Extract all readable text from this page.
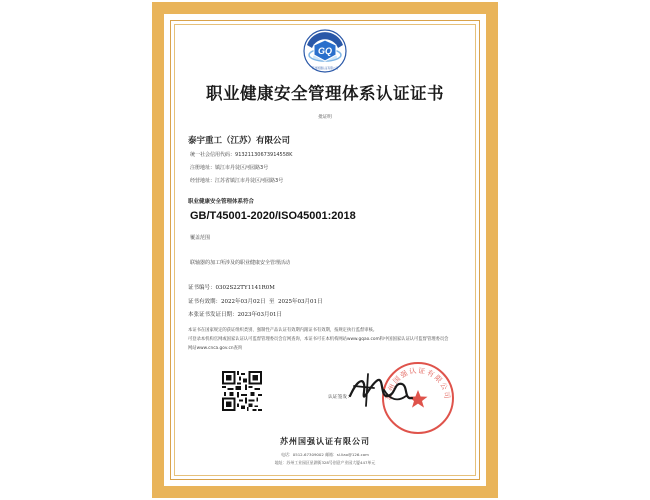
GQ
苏州国强认证有限公司
职业健康安全管理体系认证证书
批证明
泰宇重工（江苏）有限公司
统一社会信用代码：91321130673914558K
注册地址：镇江市丹徒区河园路3号
经营地址：江苏省镇江市丹徒区河园路3号
职业健康安全管理体系符合
GB/T45001-2020/ISO45001:2018
覆盖范围
联轴器的加工所涉及的职业健康安全管理活动
证书编号：0302S22TY1141R0M
证书有效期：2022年03月02日 至 2025年03月01日
本张证书发证日期：2023年03月01日
本证书在国家规定的获证组织类别、强制性产品认证有效期内跟证书有效期，按规定执行监督审核。
可登录本机构官网或国家认证认可监督管理委员会官网查询，本证书可在本机构网站www.gqao.com和中国国家认证认可监督管理委员会
网站www.cnca.gov.cn查询
认证签发：	苏州国强认证有限公司
苏州国强认证有限公司
电话：0512-67309002 邮箱：sl.liao@126.com
地址：苏州工业园区星湖街328号创意产业园大厦447单元
